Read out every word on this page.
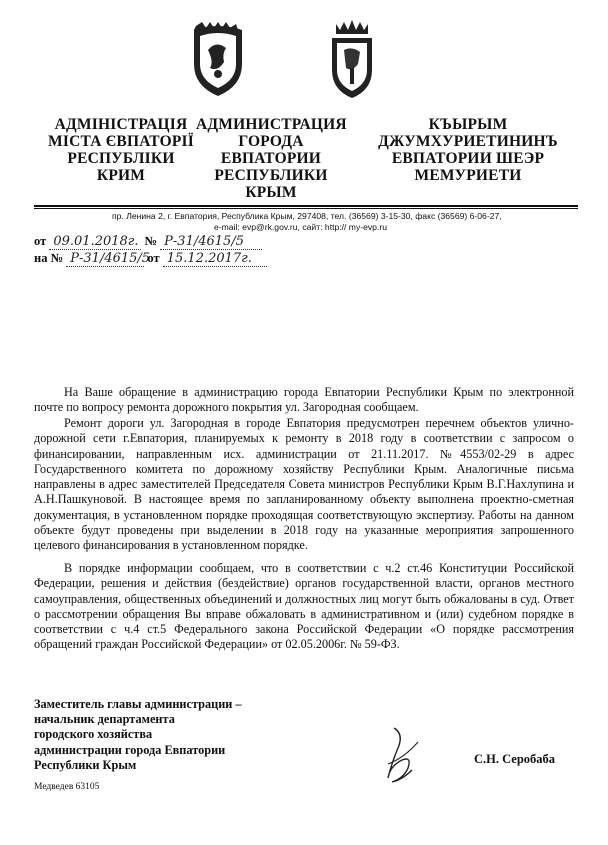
АДМІНІСТРАЦІЯ
МІСТА ЄВПАТОРІЇ
РЕСПУБЛІКИ
КРИМ
АДМИНИСТРАЦИЯ
ГОРОДА
ЕВПАТОРИИ
РЕСПУБЛИКИ
КРЫМ
КЪЫРЫМ
ДЖУМХУРИЕТИНИНЪ
ЕВПАТОРИИ ШЕЭР
МЕМУРИЕТИ
пр. Ленина 2, г. Евпатория, Республика Крым, 297408, тел. (36569) 3-15-30, факс (36569) 6-06-27,
e-mail: evp@rk.gov.ru, сайт: http:// my-evp.ru
от 09.01.2018г. № Р-31/4615/5
на № Р-31/4615/5 от 15.12.2017г.

На Ваше обращение в администрацию города Евпатории Республики Крым по электронной почте по вопросу ремонта дорожного покрытия ул. Загородная сообщаем.

Ремонт дороги ул. Загородная в городе Евпатория предусмотрен перечнем объектов улично-дорожной сети г.Евпатория, планируемых к ремонту в 2018 году в соответствии с запросом о финансировании, направленным исх. администрации от 21.11.2017. №4553/02-29 в адрес Государственного комитета по дорожному хозяйству Республики Крым. Аналогичные письма направлены в адрес заместителей Председателя Совета министров Республики Крым В.Г.Нахлупина и А.Н.Пашкуновой. В настоящее время по запланированному объекту выполнена проектно-сметная документация, в установленном порядке проходящая соответствующую экспертизу. Работы на данном объекте будут проведены при выделении в 2018 году на указанные мероприятия запрошенного целевого финансирования в установленном порядке.

В порядке информации сообщаем, что в соответствии с ч.2 ст.46 Конституции Российской Федерации, решения и действия (бездействие) органов государственной власти, органов местного самоуправления, общественных объединений и должностных лиц могут быть обжалованы в суд. Ответ о рассмотрении обращения Вы вправе обжаловать в административном и (или) судебном порядке в соответствии с ч.4 ст.5 Федерального закона Российской Федерации «О порядке рассмотрения обращений граждан Российской Федерации» от 02.05.2006г. № 59-ФЗ.

Заместитель главы администрации –
начальник департамента
городского хозяйства
администрации города Евпатории
Республики Крым	С.Н. Серобаба
Медведев 63105
